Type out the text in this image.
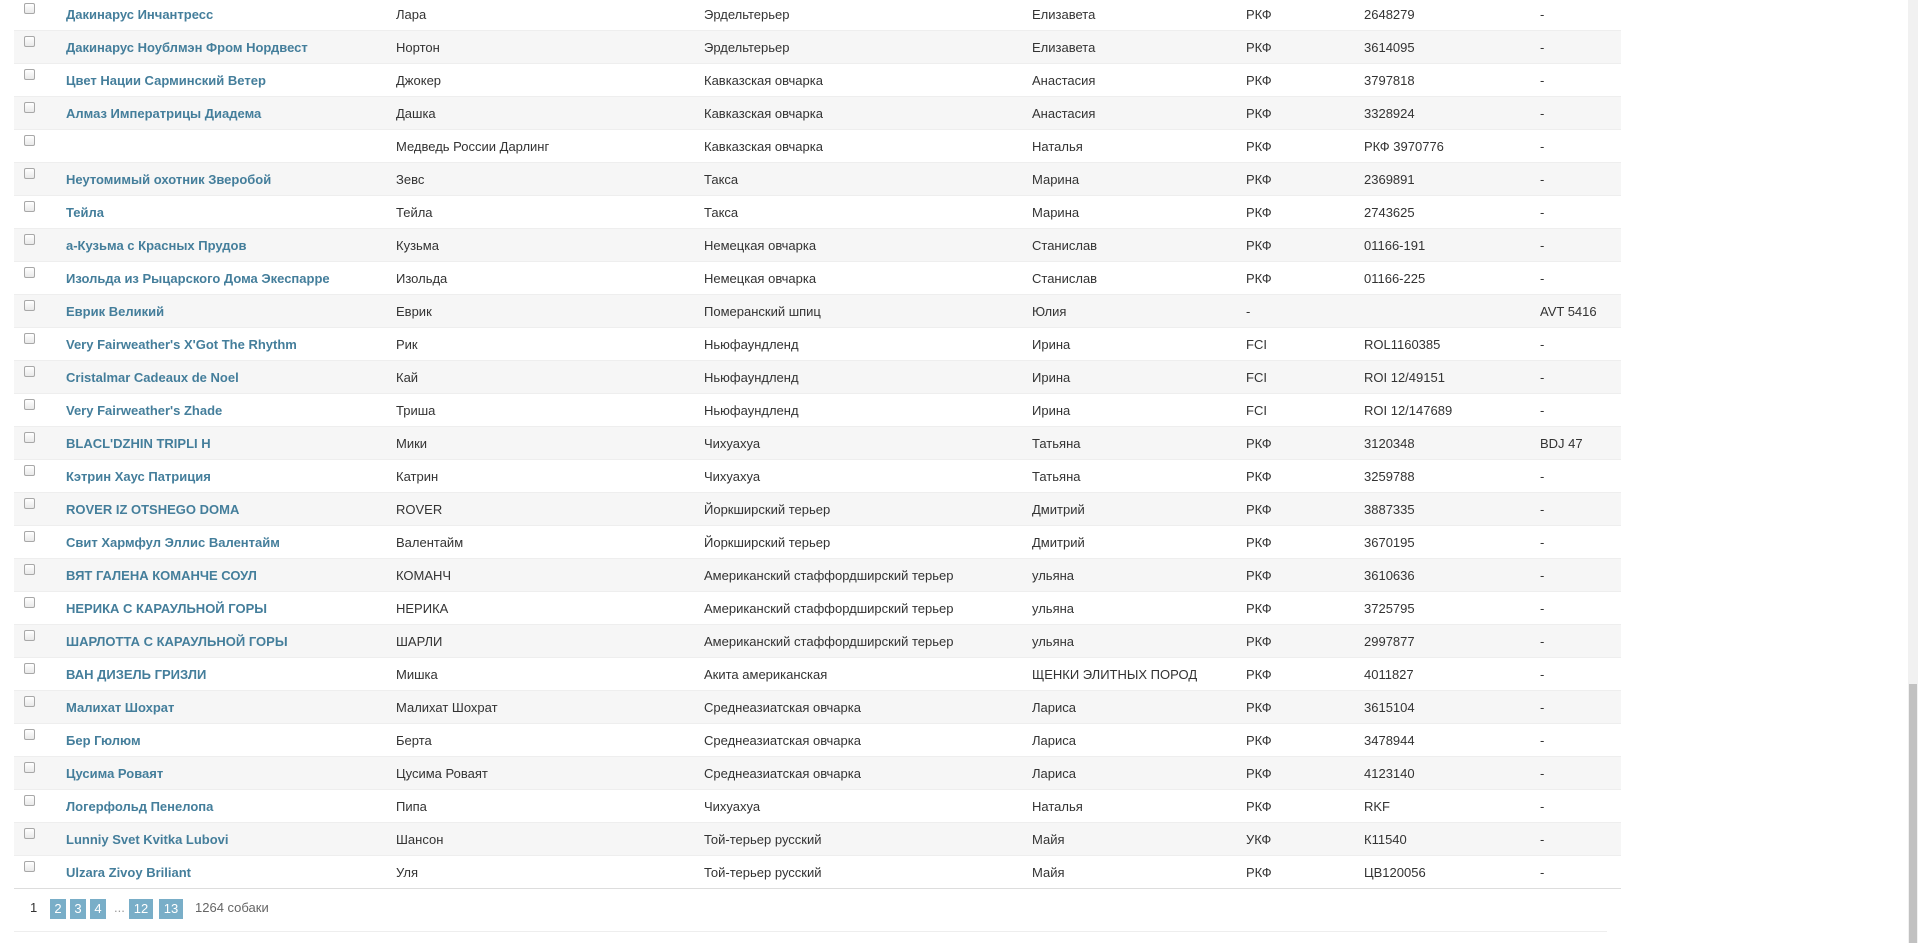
	Дакинарус Инчантресс	Лара	Эрдельтерьер	Елизавета	РКФ	2648279	-
	Дакинарус Ноублмэн Фром Нордвест	Нортон	Эрдельтерьер	Елизавета	РКФ	3614095	-
	Цвет Нации Сарминский Ветер	Джокер	Кавказская овчарка	Анастасия	РКФ	3797818	-
	Алмаз Императрицы Диадема	Дашка	Кавказская овчарка	Анастасия	РКФ	3328924	-
		Медведь России Дарлинг	Кавказская овчарка	Наталья	РКФ	РКФ 3970776	-
	Неутомимый охотник Зверобой	Зевс	Такса	Марина	РКФ	2369891	-
	Тейла	Тейла	Такса	Марина	РКФ	2743625	-
	а-Кузьма с Красных Прудов	Кузьма	Немецкая овчарка	Станислав	РКФ	01166-191	-
	Изольда из Рыцарского Дома Экеспарре	Изольда	Немецкая овчарка	Станислав	РКФ	01166-225	-
	Еврик Великий	Еврик	Померанский шпиц	Юлия	-		AVT 5416
	Very Fairweather's X'Got The Rhythm	Рик	Ньюфаундленд	Ирина	FCI	ROL1160385	-
	Cristalmar Cadeaux de Noel	Кай	Ньюфаундленд	Ирина	FCI	ROI 12/49151	-
	Very Fairweather's Zhade	Триша	Ньюфаундленд	Ирина	FCI	ROI 12/147689	-
	BLACL'DZHIN TRIPLI H	Мики	Чихуахуа	Татьяна	РКФ	3120348	BDJ 47
	Кэтрин Хаус Патриция	Катрин	Чихуахуа	Татьяна	РКФ	3259788	-
	ROVER IZ OTSHEGO DOMA	ROVER	Йоркширский терьер	Дмитрий	РКФ	3887335	-
	Свит Хармфул Эллис Валентайм	Валентайм	Йоркширский терьер	Дмитрий	РКФ	3670195	-
	ВЯТ ГАЛЕНА КОМАНЧЕ СОУЛ	КОМАНЧ	Американский стаффордширский терьер	ульяна	РКФ	3610636	-
	НЕРИКА С КАРАУЛЬНОЙ ГОРЫ	НЕРИКА	Американский стаффордширский терьер	ульяна	РКФ	3725795	-
	ШАРЛОТТА С КАРАУЛЬНОЙ ГОРЫ	ШАРЛИ	Американский стаффордширский терьер	ульяна	РКФ	2997877	-
	ВАН ДИЗЕЛЬ ГРИЗЛИ	Мишка	Акита американская	ЩЕНКИ ЭЛИТНЫХ ПОРОД	РКФ	4011827	-
	Малихат Шохрат	Малихат Шохрат	Среднеазиатская овчарка	Лариса	РКФ	3615104	-
	Бер Гюлюм	Берта	Среднеазиатская овчарка	Лариса	РКФ	3478944	-
	Цусима Роваят	Цусима Роваят	Среднеазиатская овчарка	Лариса	РКФ	4123140	-
	Логерфольд Пенелопа	Пипа	Чихуахуа	Наталья	РКФ	RKF	-
	Lunniy Svet Kvitka Lubovi	Шансон	Той-терьер русский	Майя	УКФ	К11540	-
	Ulzara Zivoy Briliant	Уля	Той-терьер русский	Майя	РКФ	ЦВ120056	-
1	2 3 4 ... 12	13	1264 собаки
